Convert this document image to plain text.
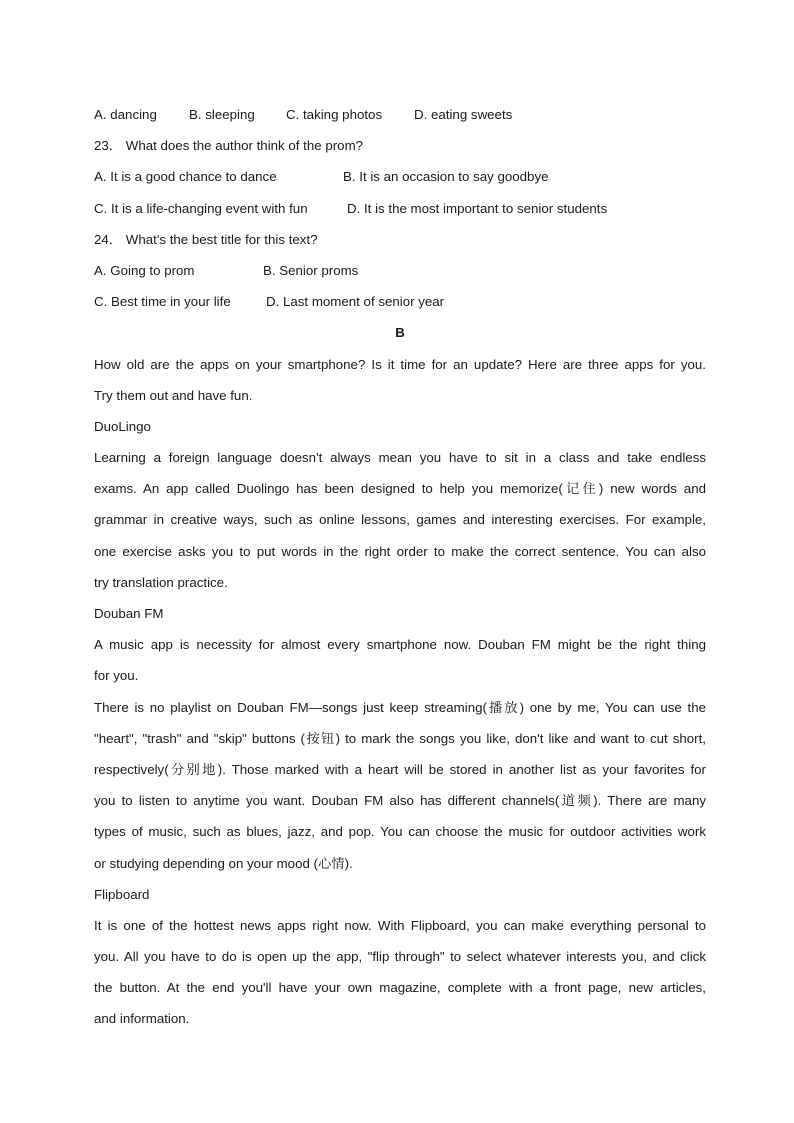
A. dancing	B. sleeping	C. taking photos	D. eating sweets
23． What does the author think of the prom?
A. It is a good chance to dance	B. It is an occasion to say goodbye
C. It is a life-changing event with fun	D. It is the most important to senior students
24． What's the best title for this text?
A. Going to prom	B. Senior proms
C. Best time in your life	D. Last moment of senior year
B
How old are the apps on your smartphone? Is it time for an update? Here are three apps for you.
Try them out and have fun.
DuoLingo
Learning a foreign language doesn't always mean you have to sit in a class and take endless
exams. An app called Duolingo has been designed to help you memorize(记住) new words and
grammar in creative ways, such as online lessons, games and interesting exercises. For example,
one exercise asks you to put words in the right order to make the correct sentence. You can also
try translation practice.
Douban FM
A music app is necessity for almost every smartphone now. Douban FM might be the right thing
for you.
There is no playlist on Douban FM—songs just keep streaming(播放) one by me, You can use the
"heart", "trash" and "skip" buttons (按钮) to mark the songs you like, don't like and want to cut short,
respectively(分别地). Those marked with a heart will be stored in another list as your favorites for
you to listen to anytime you want. Douban FM also has different channels(道频). There are many
types of music, such as blues, jazz, and pop. You can choose the music for outdoor activities work
or studying depending on your mood (心情).
Flipboard
It is one of the hottest news apps right now. With Flipboard, you can make everything personal to
you. All you have to do is open up the app, "flip through" to select whatever interests you, and click
the button. At the end you'll have your own magazine, complete with a front page, new articles,
and information.
